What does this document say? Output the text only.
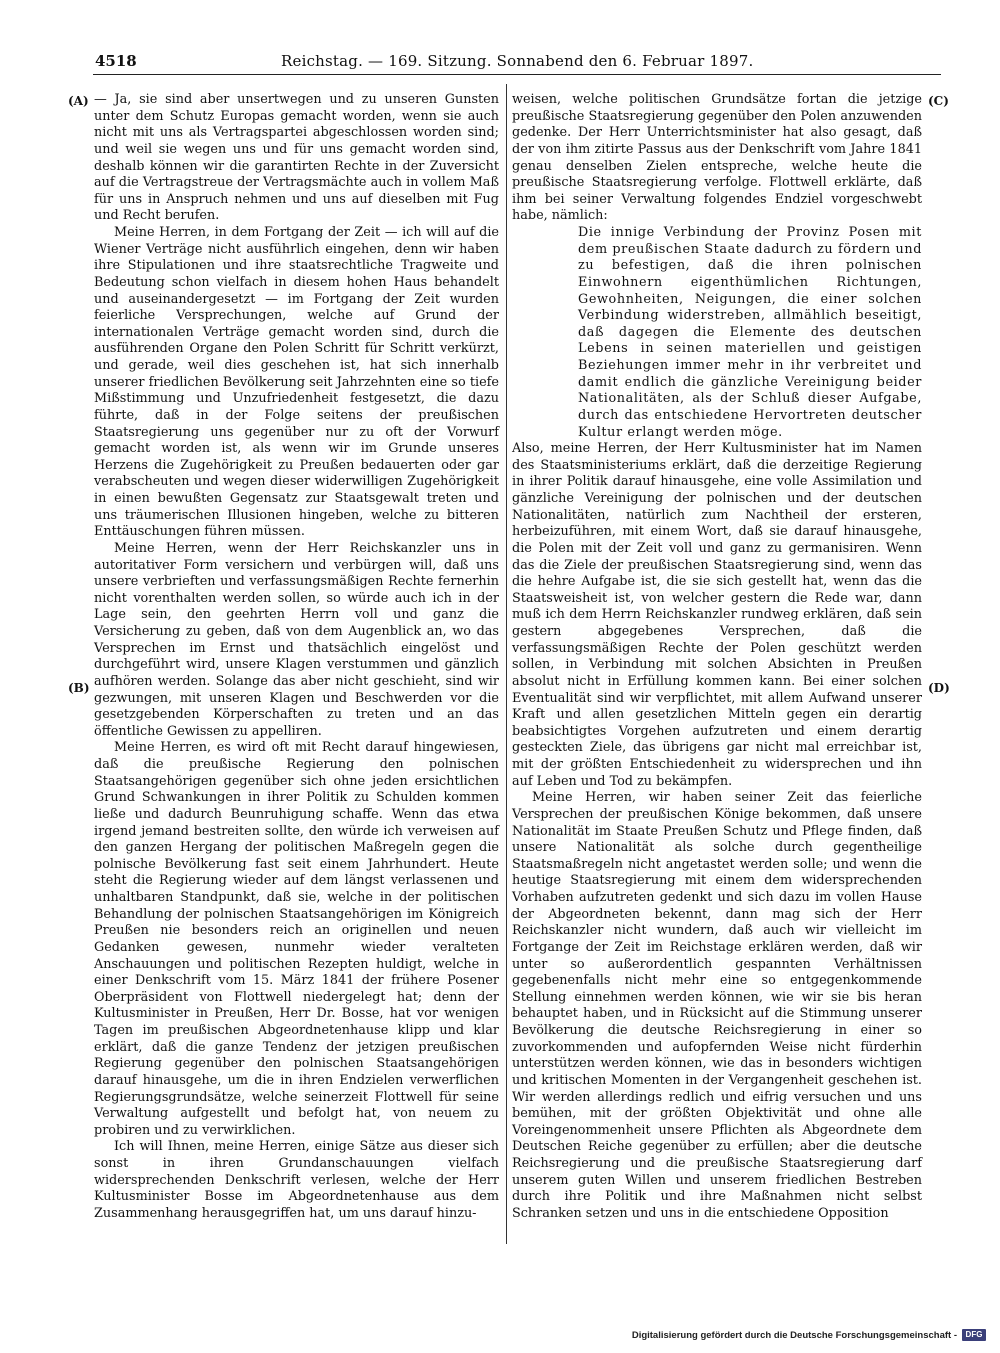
4518	Reichstag. — 169. Sitzung. Sonnabend den 6. Februar 1897.
(A)
(B)
(C)
(D)

— Ja, sie sind aber unsertwegen und zu unseren Gunsten unter dem Schutz Europas gemacht worden, wenn sie auch nicht mit uns als Vertragspartei abgeschlossen worden sind; und weil sie wegen uns und für uns gemacht worden sind, deshalb können wir die garantirten Rechte in der Zuversicht auf die Vertragstreue der Vertragsmächte auch in vollem Maß für uns in Anspruch nehmen und uns auf dieselben mit Fug und Recht berufen.

Meine Herren, in dem Fortgang der Zeit — ich will auf die Wiener Verträge nicht ausführlich eingehen, denn wir haben ihre Stipulationen und ihre staatsrechtliche Tragweite und Bedeutung schon vielfach in diesem hohen Haus behandelt und auseinandergesetzt — im Fortgang der Zeit wurden feierliche Versprechungen, welche auf Grund der internationalen Verträge gemacht worden sind, durch die ausführenden Organe den Polen Schritt für Schritt verkürzt, und gerade, weil dies geschehen ist, hat sich innerhalb unserer friedlichen Bevölkerung seit Jahrzehnten eine so tiefe Mißstimmung und Unzufriedenheit festgesetzt, die dazu führte, daß in der Folge seitens der preußischen Staatsregierung uns gegenüber nur zu oft der Vorwurf gemacht worden ist, als wenn wir im Grunde unseres Herzens die Zugehörigkeit zu Preußen bedauerten oder gar verabscheuten und wegen dieser widerwilligen Zugehörigkeit in einen bewußten Gegensatz zur Staatsgewalt treten und uns träumerischen Illusionen hingeben, welche zu bitteren Enttäuschungen führen müssen.

Meine Herren, wenn der Herr Reichskanzler uns in autoritativer Form versichern und verbürgen will, daß uns unsere verbrieften und verfassungsmäßigen Rechte fernerhin nicht vorenthalten werden sollen, so würde auch ich in der Lage sein, den geehrten Herrn voll und ganz die Versicherung zu geben, daß von dem Augenblick an, wo das Versprechen im Ernst und thatsächlich eingelöst und durchgeführt wird, unsere Klagen verstummen und gänzlich aufhören werden. Solange das aber nicht geschieht, sind wir gezwungen, mit unseren Klagen und Beschwerden vor die gesetzgebenden Körperschaften zu treten und an das öffentliche Gewissen zu appelliren.

Meine Herren, es wird oft mit Recht darauf hingewiesen, daß die preußische Regierung den polnischen Staatsangehörigen gegenüber sich ohne jeden ersichtlichen Grund Schwankungen in ihrer Politik zu Schulden kommen ließe und dadurch Beunruhigung schaffe. Wenn das etwa irgend jemand bestreiten sollte, den würde ich verweisen auf den ganzen Hergang der politischen Maßregeln gegen die polnische Bevölkerung fast seit einem Jahrhundert. Heute steht die Regierung wieder auf dem längst verlassenen und unhaltbaren Standpunkt, daß sie, welche in der politischen Behandlung der polnischen Staatsangehörigen im Königreich Preußen nie besonders reich an originellen und neuen Gedanken gewesen, nunmehr wieder veralteten Anschauungen und politischen Rezepten huldigt, welche in einer Denkschrift vom 15. März 1841 der frühere Posener Oberpräsident von Flottwell niedergelegt hat; denn der Kultusminister in Preußen, Herr Dr. Bosse, hat vor wenigen Tagen im preußischen Abgeordnetenhause klipp und klar erklärt, daß die ganze Tendenz der jetzigen preußischen Regierung gegenüber den polnischen Staatsangehörigen darauf hinausgehe, um die in ihren Endzielen verwerflichen Regierungsgrundsätze, welche seinerzeit Flottwell für seine Verwaltung aufgestellt und befolgt hat, von neuem zu probiren und zu verwirklichen.

Ich will Ihnen, meine Herren, einige Sätze aus dieser sich sonst in ihren Grundanschauungen vielfach widersprechenden Denkschrift verlesen, welche der Herr Kultusminister Bosse im Abgeordnetenhause aus dem Zusammenhang herausgegriffen hat, um uns darauf hinzu-

weisen, welche politischen Grundsätze fortan die jetzige preußische Staatsregierung gegenüber den Polen anzuwenden gedenke. Der Herr Unterrichtsminister hat also gesagt, daß der von ihm zitirte Passus aus der Denkschrift vom Jahre 1841 genau denselben Zielen entspreche, welche heute die preußische Staatsregierung verfolge. Flottwell erklärte, daß ihm bei seiner Verwaltung folgendes Endziel vorgeschwebt habe, nämlich:

Die innige Verbindung der Provinz Posen mit dem preußischen Staate dadurch zu fördern und zu befestigen, daß die ihren polnischen Einwohnern eigenthümlichen Richtungen, Gewohnheiten, Neigungen, die einer solchen Verbindung widerstreben, allmählich beseitigt, daß dagegen die Elemente des deutschen Lebens in seinen materiellen und geistigen Beziehungen immer mehr in ihr verbreitet und damit endlich die gänzliche Vereinigung beider Nationalitäten, als der Schluß dieser Aufgabe, durch das entschiedene Hervortreten deutscher Kultur erlangt werden möge.

Also, meine Herren, der Herr Kultusminister hat im Namen des Staatsministeriums erklärt, daß die derzeitige Regierung in ihrer Politik darauf hinausgehe, eine volle Assimilation und gänzliche Vereinigung der polnischen und der deutschen Nationalitäten, natürlich zum Nachtheil der ersteren, herbeizuführen, mit einem Wort, daß sie darauf hinausgehe, die Polen mit der Zeit voll und ganz zu germanisiren. Wenn das die Ziele der preußischen Staatsregierung sind, wenn das die hehre Aufgabe ist, die sie sich gestellt hat, wenn das die Staatsweisheit ist, von welcher gestern die Rede war, dann muß ich dem Herrn Reichskanzler rundweg erklären, daß sein gestern abgegebenes Versprechen, daß die verfassungsmäßigen Rechte der Polen geschützt werden sollen, in Verbindung mit solchen Absichten in Preußen absolut nicht in Erfüllung kommen kann. Bei einer solchen Eventualität sind wir verpflichtet, mit allem Aufwand unserer Kraft und allen gesetzlichen Mitteln gegen ein derartig beabsichtigtes Vorgehen aufzutreten und einem derartig gesteckten Ziele, das übrigens gar nicht mal erreichbar ist, mit der größten Entschiedenheit zu widersprechen und ihn auf Leben und Tod zu bekämpfen.

Meine Herren, wir haben seiner Zeit das feierliche Versprechen der preußischen Könige bekommen, daß unsere Nationalität im Staate Preußen Schutz und Pflege finden, daß unsere Nationalität als solche durch gegentheilige Staatsmaßregeln nicht angetastet werden solle; und wenn die heutige Staatsregierung mit einem dem widersprechenden Vorhaben aufzutreten gedenkt und sich dazu im vollen Hause der Abgeordneten bekennt, dann mag sich der Herr Reichskanzler nicht wundern, daß auch wir vielleicht im Fortgange der Zeit im Reichstage erklären werden, daß wir unter so außerordentlich gespannten Verhältnissen gegebenenfalls nicht mehr eine so entgegenkommende Stellung einnehmen werden können, wie wir sie bis heran behauptet haben, und in Rücksicht auf die Stimmung unserer Bevölkerung die deutsche Reichsregierung in einer so zuvorkommenden und aufopfernden Weise nicht fürderhin unterstützen werden können, wie das in besonders wichtigen und kritischen Momenten in der Vergangenheit geschehen ist. Wir werden allerdings redlich und eifrig versuchen und uns bemühen, mit der größten Objektivität und ohne alle Voreingenommenheit unsere Pflichten als Abgeordnete dem Deutschen Reiche gegenüber zu erfüllen; aber die deutsche Reichsregierung und die preußische Staatsregierung darf unserem guten Willen und unserem friedlichen Bestreben durch ihre Politik und ihre Maßnahmen nicht selbst Schranken setzen und uns in die entschiedene Opposition

Digitalisierung gefördert durch die Deutsche Forschungsgemeinschaft -	DFG
